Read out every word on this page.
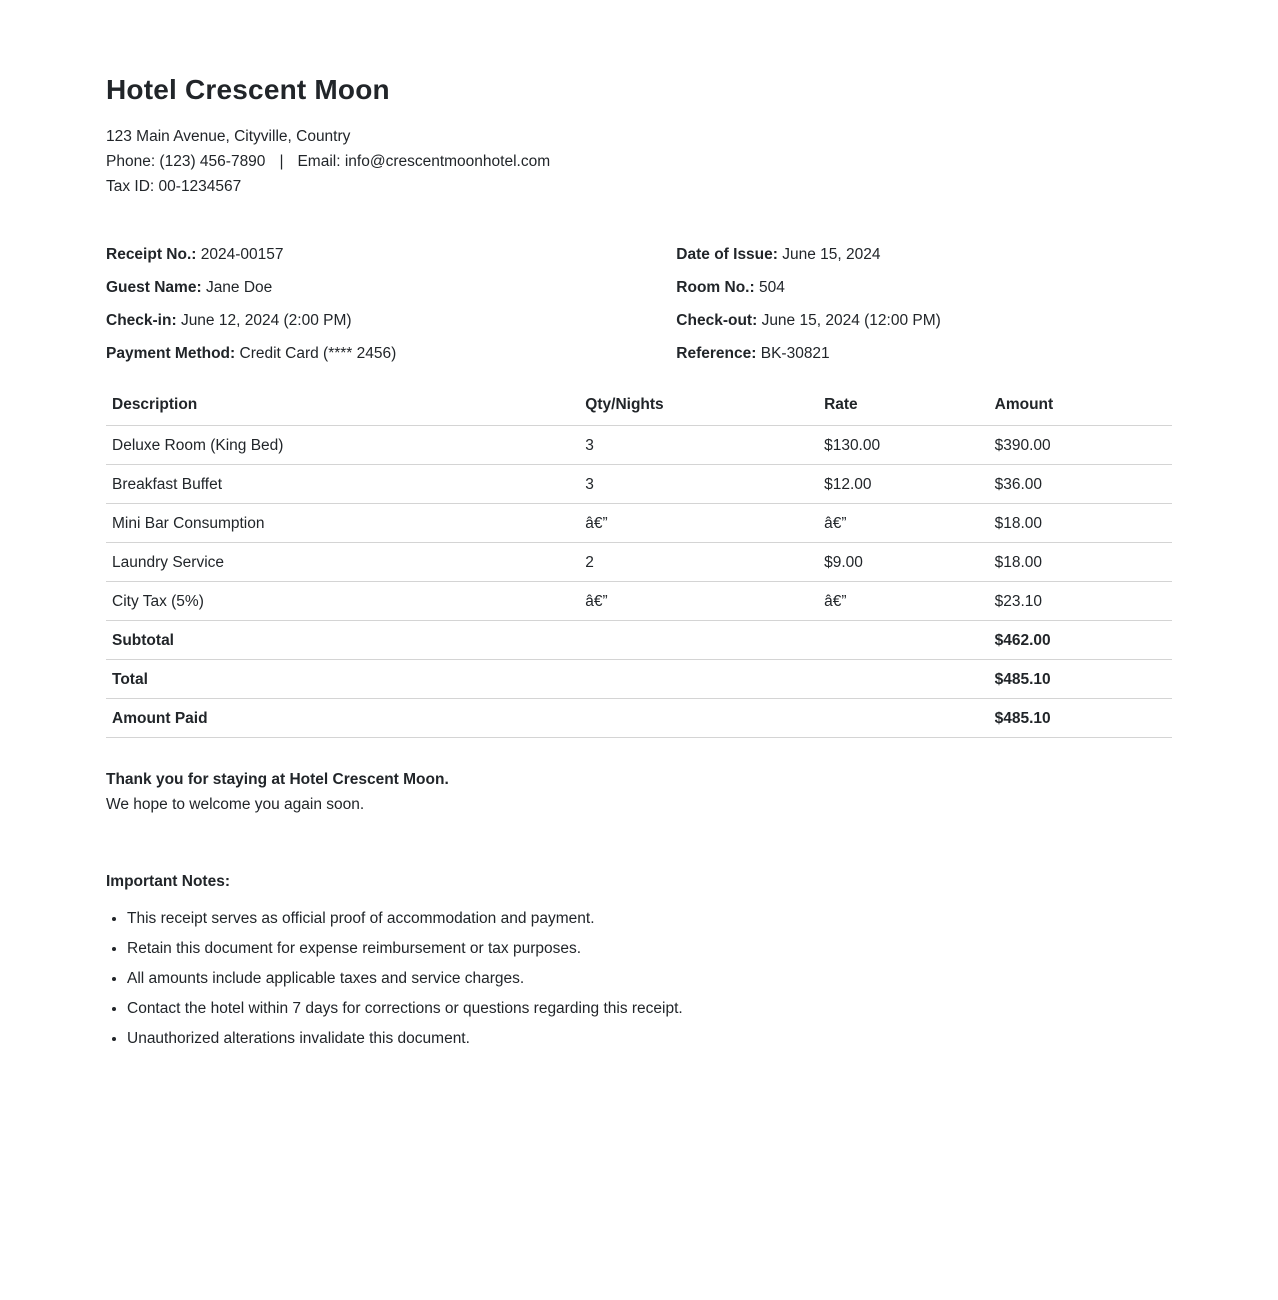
Hotel Crescent Moon

123 Main Avenue, Cityville, Country

Phone: (123) 456-7890 | Email: info@crescentmoonhotel.com

Tax ID: 00-1234567

Receipt No.: 2024-00157

Guest Name: Jane Doe

Check-in: June 12, 2024 (2:00 PM)

Payment Method: Credit Card (**** 2456)

Date of Issue: June 15, 2024

Room No.: 504

Check-out: June 15, 2024 (12:00 PM)

Reference: BK-30821

Description	Qty/Nights	Rate	Amount
Deluxe Room (King Bed)	3	$130.00	$390.00
Breakfast Buffet	3	$12.00	$36.00
Mini Bar Consumption	â€”	â€”	$18.00
Laundry Service	2	$9.00	$18.00
City Tax (5%)	â€”	â€”	$23.10
Subtotal			$462.00
Total			$485.10
Amount Paid			$485.10

Thank you for staying at Hotel Crescent Moon.

We hope to welcome you again soon.

Important Notes:
• This receipt serves as official proof of accommodation and payment.
• Retain this document for expense reimbursement or tax purposes.
• All amounts include applicable taxes and service charges.
• Contact the hotel within 7 days for corrections or questions regarding this receipt.
• Unauthorized alterations invalidate this document.
